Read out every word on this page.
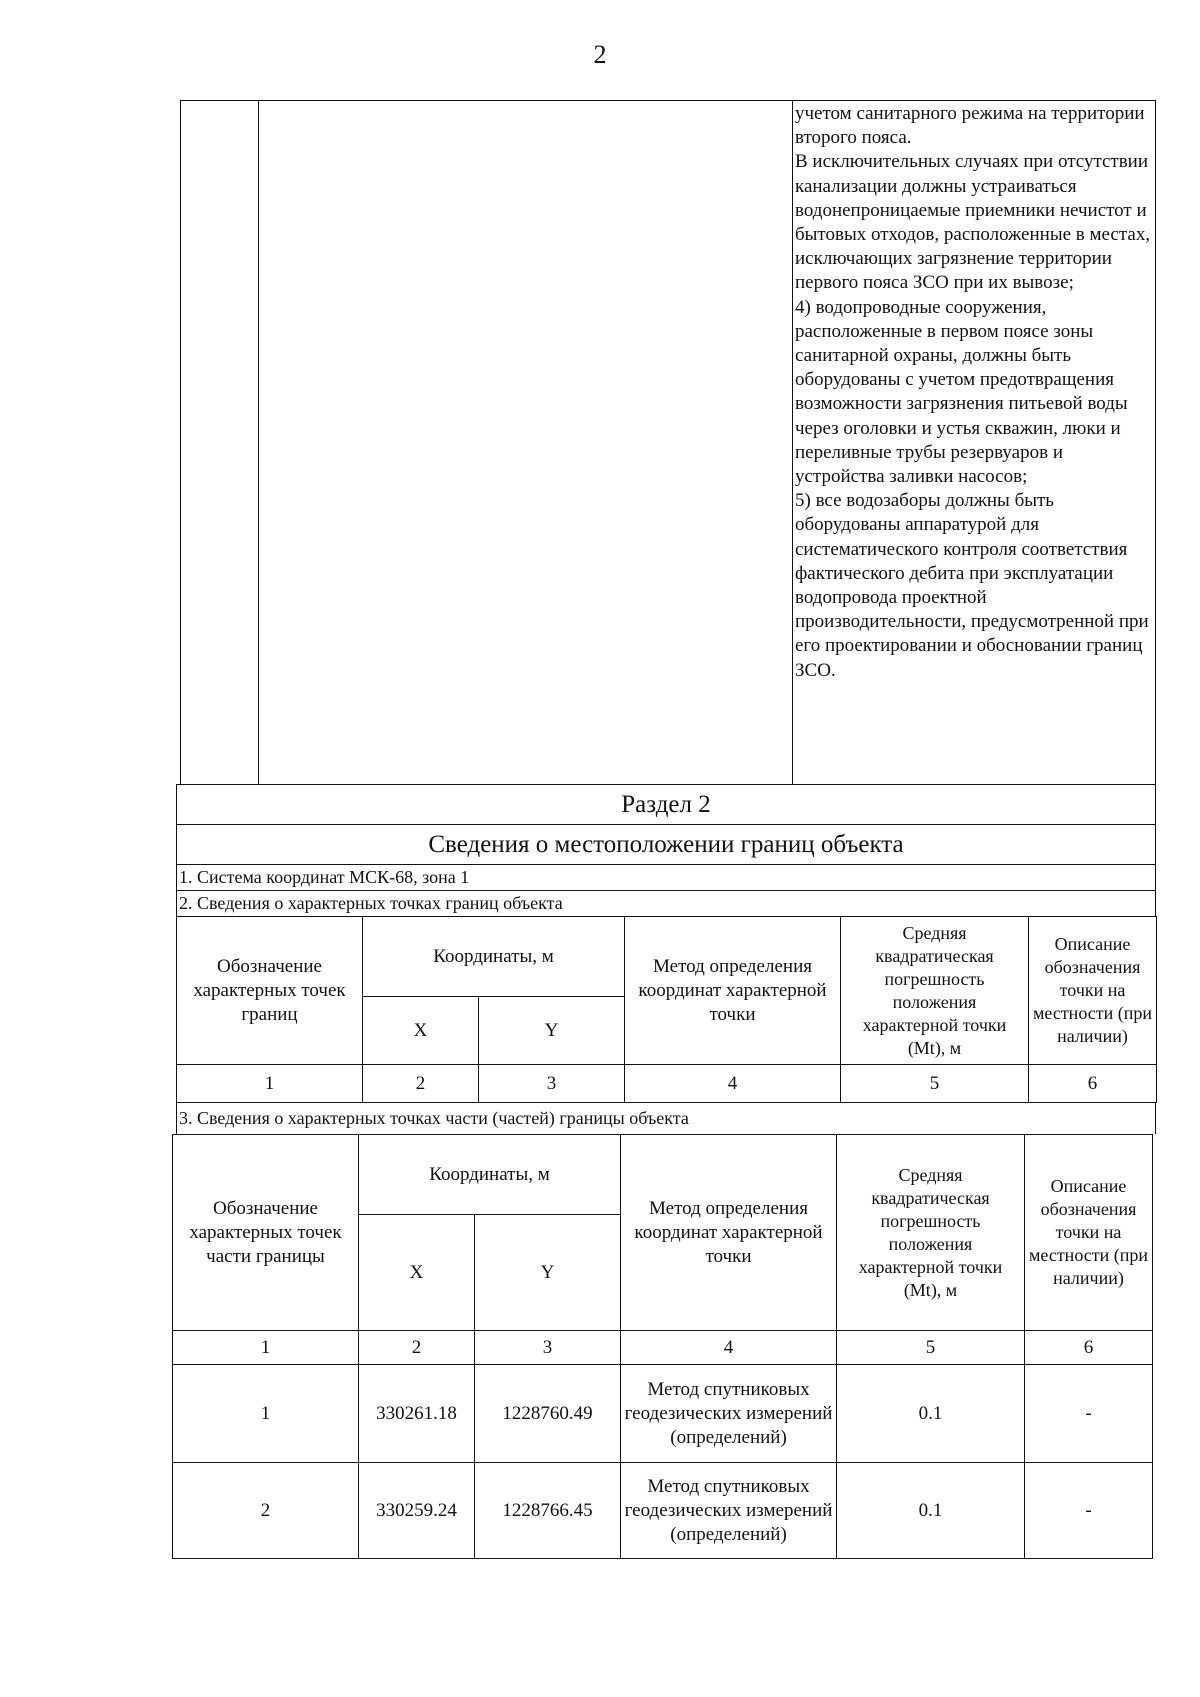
2

учетом санитарного режима на территории второго пояса.

В исключительных случаях при отсутствии канализации должны устраиваться водонепроницаемые приемники нечистот и бытовых отходов, расположенные в местах, исключающих загрязнение территории первого пояса ЗСО при их вывозе;

4) водопроводные сооружения, расположенные в первом поясе зоны санитарной охраны, должны быть оборудованы с учетом предотвращения возможности загрязнения питьевой воды через оголовки и устья скважин, люки и переливные трубы резервуаров и устройства заливки насосов;

5) все водозаборы должны быть оборудованы аппаратурой для систематического контроля соответствия фактического дебита при эксплуатации водопровода проектной производительности, предусмотренной при его проектировании и обосновании границ ЗСО.

Раздел 2
Сведения о местоположении границ объекта
1. Система координат МСК-68, зона 1
2. Сведения о характерных точках границ объекта
Обозначение характерных точек границ	Координаты, м		Метод определения координат характерной точки	Средняя квадратическая погрешность положения характерной точки (Mt), м	Описание обозначения точки на местности (при наличии)
	X	Y			
1	2	3	4	5	6
3. Сведения о характерных точках части (частей) границы объекта
Обозначение характерных точек части границы	Координаты, м		Метод определения координат характерной точки	Средняя квадратическая погрешность положения характерной точки (Mt), м	Описание обозначения точки на местности (при наличии)
	X	Y			
1	2	3	4	5	6
1	330261.18	1228760.49	Метод спутниковых геодезических измерений (определений)	0.1	-
2	330259.24	1228766.45	Метод спутниковых геодезических измерений (определений)	0.1	-
